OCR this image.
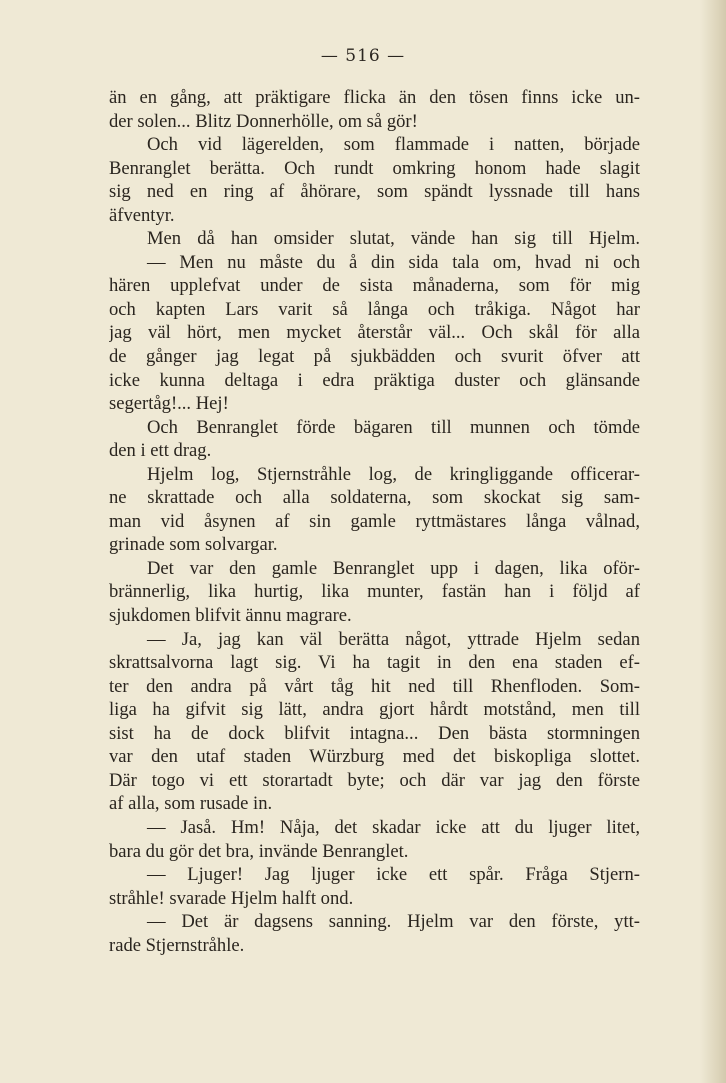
— 516 —
än en gång, att präktigare flicka än den tösen finns icke un-
der solen... Blitz Donnerhölle, om så gör!
Och vid lägerelden, som flammade i natten, började
Benranglet berätta. Och rundt omkring honom hade slagit
sig ned en ring af åhörare, som spändt lyssnade till hans
äfventyr.
Men då han omsider slutat, vände han sig till Hjelm.
— Men nu måste du å din sida tala om, hvad ni och
hären upplefvat under de sista månaderna, som för mig
och kapten Lars varit så långa och tråkiga. Något har
jag väl hört, men mycket återstår väl... Och skål för alla
de gånger jag legat på sjukbädden och svurit öfver att
icke kunna deltaga i edra präktiga duster och glänsande
segertåg!... Hej!
Och Benranglet förde bägaren till munnen och tömde
den i ett drag.
Hjelm log, Stjernstråhle log, de kringliggande officerar-
ne skrattade och alla soldaterna, som skockat sig sam-
man vid åsynen af sin gamle ryttmästares långa vålnad,
grinade som solvargar.
Det var den gamle Benranglet upp i dagen, lika oför-
brännerlig, lika hurtig, lika munter, fastän han i följd af
sjukdomen blifvit ännu magrare.
— Ja, jag kan väl berätta något, yttrade Hjelm sedan
skrattsalvorna lagt sig. Vi ha tagit in den ena staden ef-
ter den andra på vårt tåg hit ned till Rhenfloden. Som-
liga ha gifvit sig lätt, andra gjort hårdt motstånd, men till
sist ha de dock blifvit intagna... Den bästa stormningen
var den utaf staden Würzburg med det biskopliga slottet.
Där togo vi ett storartadt byte; och där var jag den förste
af alla, som rusade in.
— Jaså. Hm! Nåja, det skadar icke att du ljuger litet,
bara du gör det bra, invände Benranglet.
— Ljuger! Jag ljuger icke ett spår. Fråga Stjern-
stråhle! svarade Hjelm halft ond.
— Det är dagsens sanning. Hjelm var den förste, ytt-
rade Stjernstråhle.
